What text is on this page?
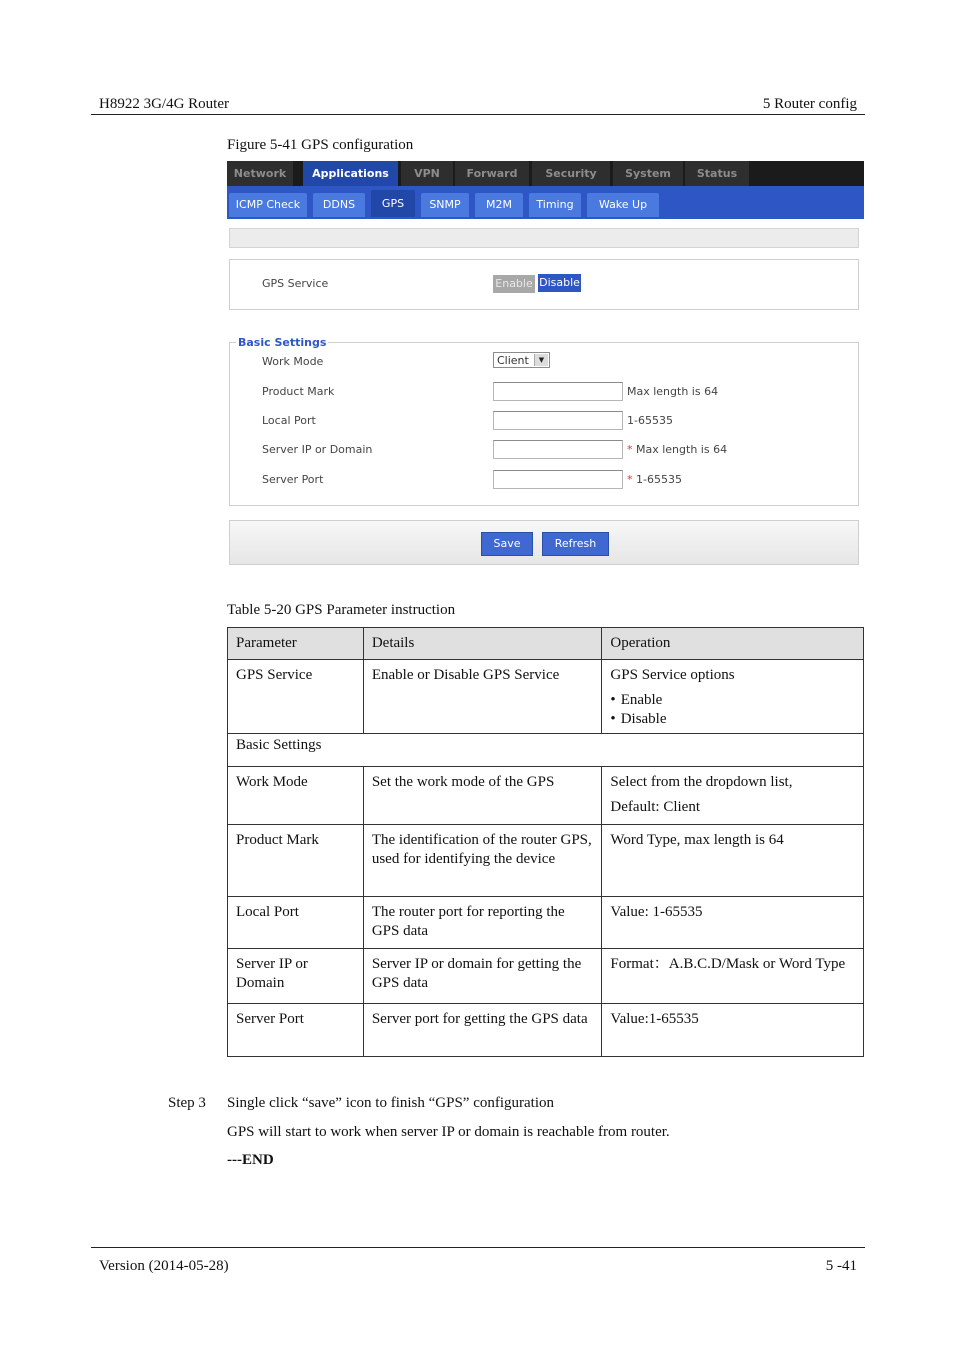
H8922 3G/4G Router	5 Router config
Figure 5-41 GPS configuration
Network	Applications	VPN	Forward	Security	System	Status
ICMP Check	DDNS	GPS	SNMP	M2M	Timing	Wake Up
GPS Service	Enable Disable
Basic Settings
Work Mode	Client	▼
Product Mark	Max length is 64
Local Port	1-65535
Server IP or Domain	* Max length is 64
Server Port	* 1-65535
Save	Refresh
Table 5-20 GPS Parameter instruction
Parameter	Details	Operation
GPS Service	Enable or Disable GPS Service	GPS Service options
• Enable
• Disable

Basic Settings		
Work Mode	Set the work mode of the GPS	Select from the dropdown list,
Default: Client

Product Mark	The identification of the router GPS, used for identifying the device	Word Type, max length is 64
Local Port	The router port for reporting the GPS data	Value: 1-65535
Server IP or Domain	Server IP or domain for getting the GPS data	Format：A.B.C.D/Mask or Word Type
Server Port	Server port for getting the GPS data	Value:1-65535
Step 3 Single click “save” icon to finish “GPS” configuration
GPS will start to work when server IP or domain is reachable from router.
---END
Version (2014-05-28)	5 -41
